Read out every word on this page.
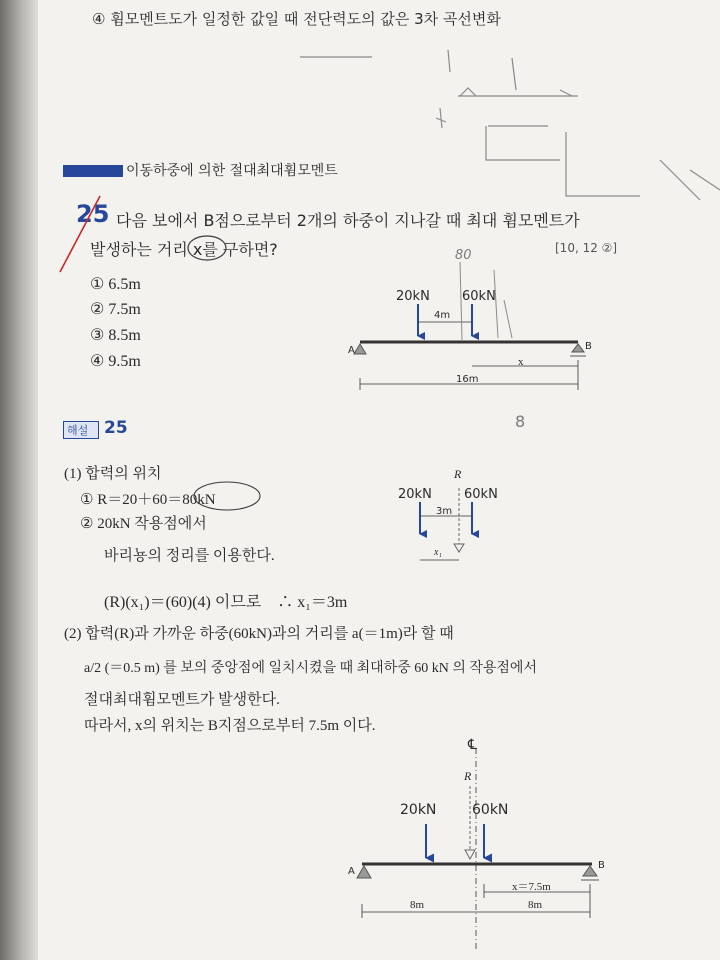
④ 휨모멘트도가 일정한 값일 때 전단력도의 값은 3차 곡선변화
이동하중에 의한 절대최대휨모멘트
25 다음 보에서 B점으로부터 2개의 하중이 지나갈 때 최대 휨모멘트가
발생하는 거리 x를 구하면?	[10, 12 ②]
80
① 6.5m
② 7.5m
③ 8.5m
④ 9.5m
20kN 60kN
4m
A	B
x
16m
해설 25	8
(1) 합력의 위치
① R＝20＋60＝80kN
② 20kN 작용점에서
바리뇽의 정리를 이용한다.
R
20kN 60kN
3m
x₁
(R)(x₁)＝(60)(4) 이므로　∴ x₁＝3m
(2) 합력(R)과 가까운 하중(60kN)과의 거리를 a(＝1m)라 할 때
a/2 (＝0.5 m) 를 보의 중앙점에 일치시켰을 때 최대하중 60 kN 의 작용점에서
절대최대휨모멘트가 발생한다.
따라서, x의 위치는 B지점으로부터 7.5m 이다.
℄
R
20kN	60kN
A
B
x＝7.5m
8m	8m
